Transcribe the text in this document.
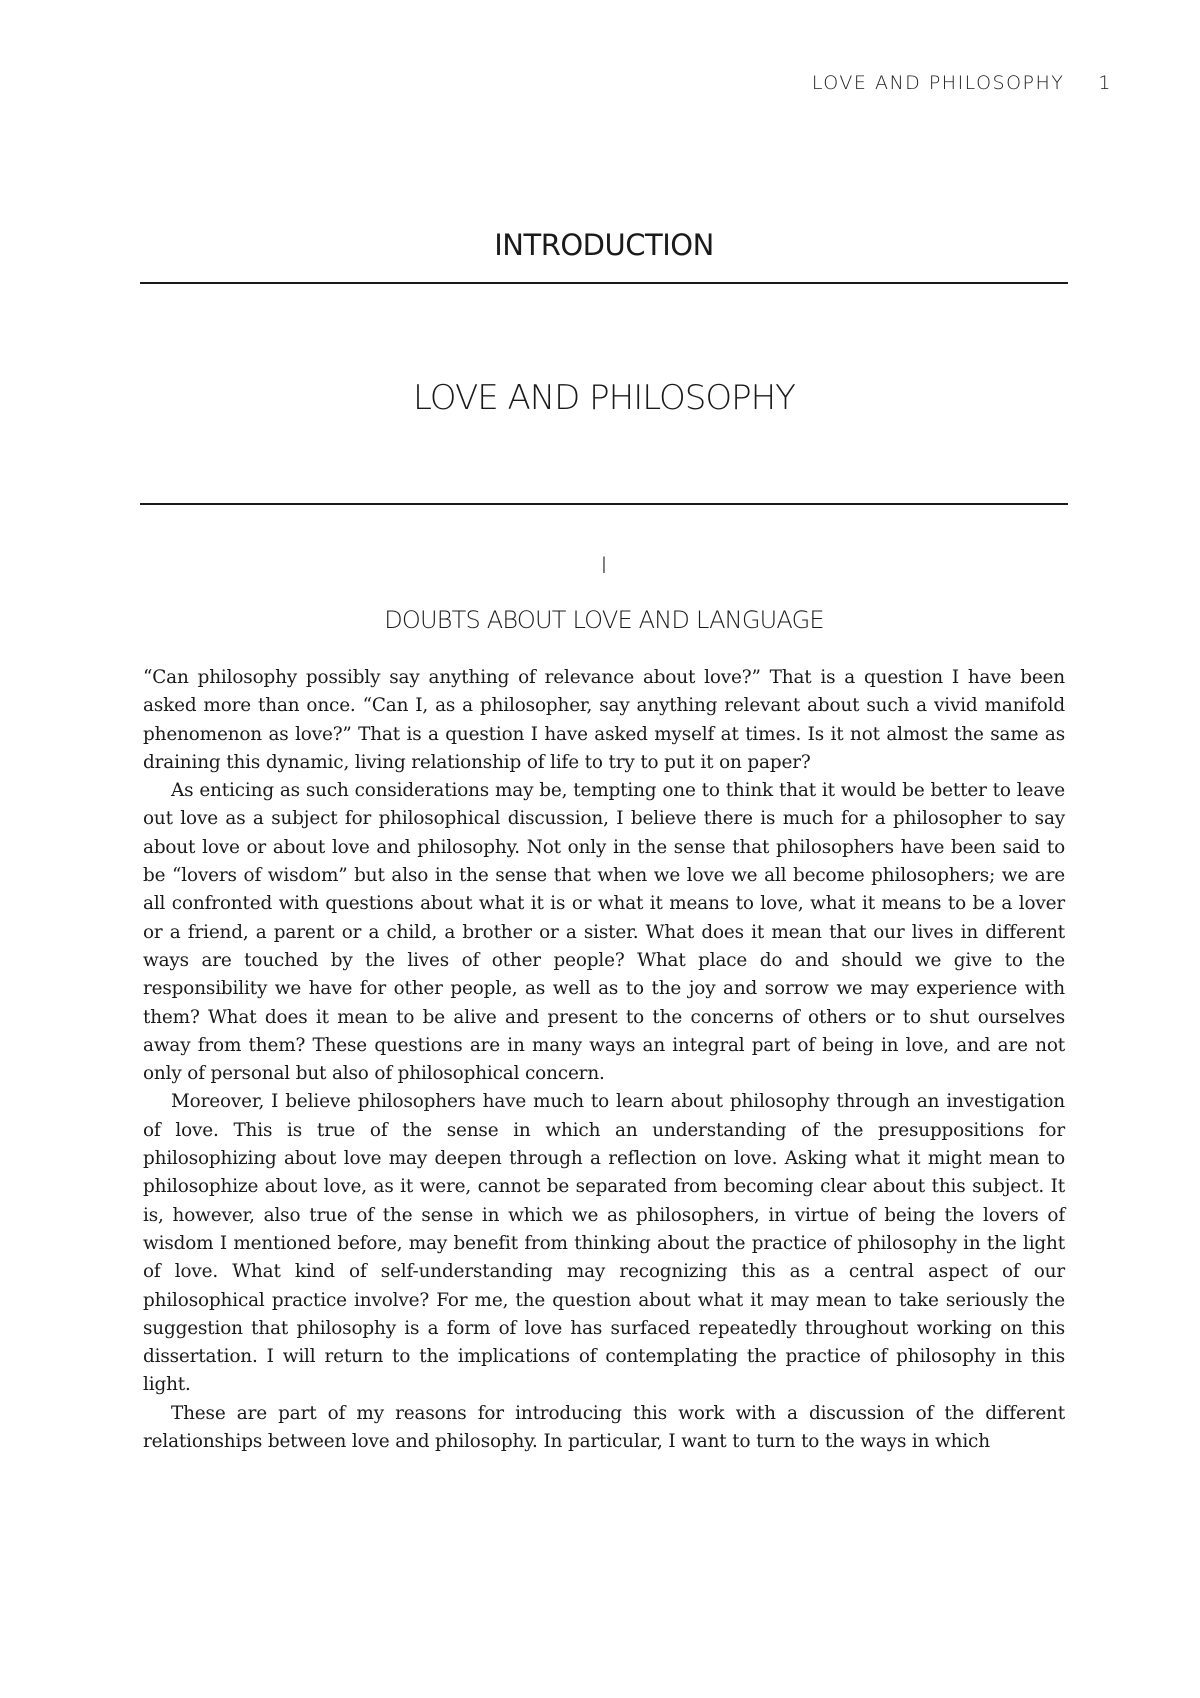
LOVE AND PHILOSOPHY 1
INTRODUCTION
LOVE AND PHILOSOPHY
I
DOUBTS ABOUT LOVE AND LANGUAGE

“Can philosophy possibly say anything of relevance about love?” That is a question I have been asked more than once. “Can I, as a philosopher, say anything relevant about such a vivid manifold phenomenon as love?” That is a question I have asked myself at times. Is it not almost the same as draining this dynamic, living relationship of life to try to put it on paper?

As enticing as such considerations may be, tempting one to think that it would be better to leave out love as a subject for philosophical discussion, I believe there is much for a philosopher to say about love or about love and philosophy. Not only in the sense that philosophers have been said to be “lovers of wisdom” but also in the sense that when we love we all become philosophers; we are all confronted with questions about what it is or what it means to love, what it means to be a lover or a friend, a parent or a child, a brother or a sister. What does it mean that our lives in different ways are touched by the lives of other people? What place do and should we give to the responsibility we have for other people, as well as to the joy and sorrow we may experience with them? What does it mean to be alive and present to the concerns of others or to shut ourselves away from them? These questions are in many ways an integral part of being in love, and are not only of personal but also of philosophical concern.

Moreover, I believe philosophers have much to learn about philosophy through an investigation of love. This is true of the sense in which an understanding of the presuppositions for philosophizing about love may deepen through a reflection on love. Asking what it might mean to philosophize about love, as it were, cannot be separated from becoming clear about this subject. It is, however, also true of the sense in which we as philosophers, in virtue of being the lovers of wisdom I mentioned before, may benefit from thinking about the practice of philosophy in the light of love. What kind of self-understanding may recognizing this as a central aspect of our philosophical practice involve? For me, the question about what it may mean to take seriously the suggestion that philosophy is a form of love has surfaced repeatedly throughout working on this dissertation. I will return to the implications of contemplating the practice of philosophy in this light.

These are part of my reasons for introducing this work with a discussion of the different relationships between love and philosophy. In particular, I want to turn to the ways in which
